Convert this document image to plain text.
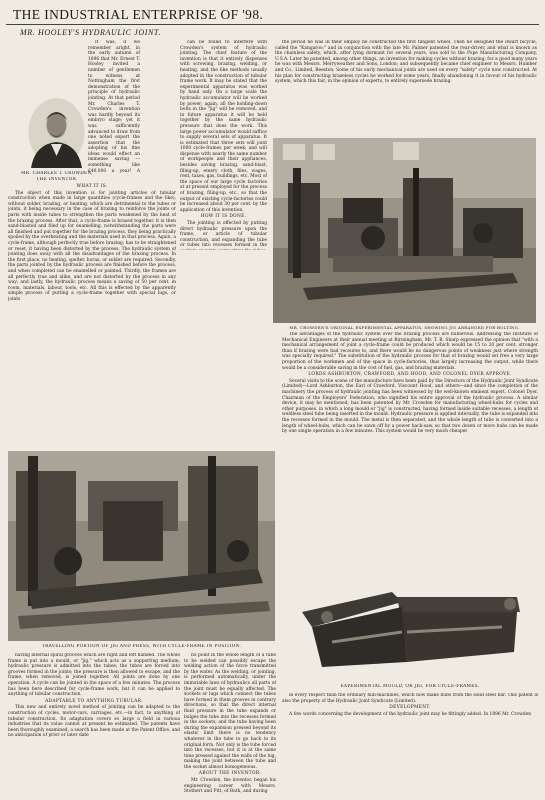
THE INDUSTRIAL ENTERPRISE OF '98.
MR. HOOLEY'S HYDRAULIC JOINT.
MR. CHARLES T. CROWDEN,
THE INVENTOR.

It was, if we remember aright, in the early autumn of 1896 that Mr. Ernest T. Hooley invited a number of gentlemen to witness at Nottingham the first demonstration of the principle of hydraulic jointing. At that period Mr. Charles T. Crowden's invention was hardly beyond its embryo stage; yet it was sufficiently advanced to draw from one noted expert the assertion that the adopting of his fine ideas would effect an immense saving — something like £40,000 a year! A

WHAT IT IS.

The object of this invention is for jointing articles of tubular construction when made in large quantities (cycle-frames and the like), without solder, brazing, or heating, which are detrimental to the tubes or joints, it being necessary in the case of brazing to reinforce the joints or parts with inside tubes to strengthen the parts weakened by the heat of the brazing process. After that, a cycle-frame is brazed together, it is then sand-blasted and filed up for enamelling, notwithstanding the parts were all finished and put together for the brazing process, they being practically spoiled by the overheating and the materials used in that process. Again, a cycle-frame, although perfectly true before brazing, has to be straightened or reset, it having been distorted by the process. The hydraulic system of jointing does away with all the disadvantages of the brazing process. In the first place, no heating, spelter, borax, or solder are required. Secondly, the parts jointed by the hydraulic process are finished before the process, and when completed can be enamelled or painted. Thirdly, the frames are all perfectly true and alike, and are not distorted by the process in any way; and lastly, the hydraulic process means a saving of 50 per cent. in room, materials, labour, tools, etc. All this is effected by the apparently simple process of putting a cycle-frame together with special lugs, or joints

can be found to interfere with Crowden's system of hydraulic jointing. The chief feature of the invention is that it entirely dispenses with screwing, brazing, welding, or heating, and the like methods usually adopted in the construction of tubular frame work. It may be stated that the experimental apparatus was worked by hand only. On a large scale the hydraulic accumulator will be worked by power; again, all the holding-down bolts in the "jig" will be removed, and in future apparatus it will be held together by the same hydraulic pressure that does the work. This large power accumulator would suffice to supply several sets of apparatus. It is estimated that three sets will joint 1000 cycle-frames per week; and will dispense with nearly the same number of workpeople and their appliances, besides saving brazing, sand-blast, filing-up, emery cloth, files, wages, rent, taxes, gas, buildings, etc. Most of the space of our large cycle factories at at present employed for the process of brazing, filing-up, etc., so that the output of existing cycle-factories could be increased about 30 per cent. by the application of this invention.

HOW IT IS DONE.

The jointing is effected by putting direct hydraulic pressure upon the frame, or article of tubular construction, and expanding the tube or tubes into recesses formed in the

the period he was in their employ he constructed the first tangent wheel. Then he designed the dwarf bicycle, called the "Kangaroo," and in conjunction with the late Mr. Palmer patented the rear-driver, and what is known as the chainless safety, which, after lying dormant for several years, was sold to the Pope Manufacturing Company, U.S.A. Later he patented, among other things, an invention for making cycles without brazing; for a good many years he was with Messrs. Merryweather and Sons, London; and subsequently became chief engineer to Messrs. Humber and Co., Limited, Beeston. Some of his early mechanical joints are used on every "safety" cycle now constructed. At his plan for constructing brazeless cycles he worked for some years, finally abandoning it in favour of his hydraulic system, which this fair, in the opinion of experts, to entirely supersede brazing.

MR. CROWDEN'S ORIGINAL EXPERIMENTAL APPARATUS, SHOWING JIG ARRANGED FOR BOLTING.
TRAVELLING PORTION OF JIG AND PRESS, WITH CYCLE-FRAME IN POSITION.

having internal spiral grooves which are right and left handed. The whole frame is put into a mould, or "jig," which acts as a supporting medium; hydraulic pressure is admitted into the tubes; the tubes are forced into grooves formed in the joints; the pressure is then allowed to escape, and the frame, when removed, is joined together. All joints are done by one operation. A cycle can be jointed in the space of a few minutes. The process has been here described for cycle-frame work, but it can be applied to anything of tubular construction.

ADAPTABLE TO ANYTHING TUBULAR.

This new and entirely novel method of jointing can be adapted to the construction of cycles, motor-cars, carriages, etc.—in fact, to anything of tubular construction. Its adaptation covers so large a field in various industries that its value cannot at present be estimated. The patents have been thoroughly examined; a search has been made at the Patent Office, and no anticipation of prior or later date

no point in the whole length of a tube to be welded can possibly escape the welding action of the force transmitted by the water. As the welding, or jointing, is performed automatically, under the immutable laws of hydraulics all parts of the joint must be equally affected. The sockets or lugs which connect the tubes have formed in them grooves in contrary directions, so that the direct internal fluid pressure in the tube expands or bulges the tube into the recesses formed in the sockets; and the tube having been during the expansion pressed beyond its elastic limit there is no tendency whatever in the tube to go back to its original form. Not only is the tube forced into the recesses, but it is at the same time pressed against the walls of the lug, making the joint between the tube and the socket almost homogeneous.

ABOUT THE INVENTOR.

Mr. Crowden, the inventor, began his engineering career with Messrs. Stothert and Pitt, of Bath, and during

The advantages of the hydraulic system over the brazing process are numerous. Addressing the Institute of Mechanical Engineers at their annual meeting at Birmingham, Mr. T. B. Sharp expressed the opinion that "with a mechanical arrangement of joint a cycle-frame could be produced which would be 15 to 20 per cent. stronger than if brazing were had recourse to, and there would be no dangerous points of weakness just where strength was specially required." The substitution of the hydraulic process for that of brazing would set free a very large proportion of the workmen and of the space in cycle-factories, thus largely increasing the output, while there would be a considerable saving in the cost of fuel, gas, and brazing materials.

LORDS ASHBURTON, CRAWFORD, AND HOOD, AND COLONEL DYER APPROVE.

Several visits to the scene of the manufacture have been paid by the Directors of the Hydraulic Joint Syndicate (Limited)—Lord Ashburton, the Earl of Crawford, Viscount Hood, and others—and since the completion of the machinery the process of hydraulic jointing has been witnessed by the well-known eminent expert, Colonel Dyer, Chairman of the Employers' Federation, who signified his entire approval of the hydraulic process. A similar device, it may be mentioned, has been patented by Mr. Crowden for manufacturing wheel-hubs for cycles and other purposes, in which a long mould or "jig" is constructed, having formed inside suitable recesses, a length of weldless steel tube being inserted in the mould. Hydraulic pressure is applied internally, the tube is expanded into the recesses formed in the mould. The metal is then separated, and the whole length of tube is converted into a length of wheel-hubs, which can be sawn off by a power hack-saw, so that two dozen or more hubs can be made by one single operation in a few minutes. This system would be very much cheaper

EXPERIMENTAL MOULD, OR JIG, FOR CYCLE-FRAMES.

in every respect than the ordinary hub-machines, which now make hubs from the solid steel bar. This patent is also the property of the Hydraulic Joint Syndicate (Limited).

DEVELOPMENT.

A few words concerning the development of the hydraulic joint may be fittingly added. In 1896 Mr. Crowden
